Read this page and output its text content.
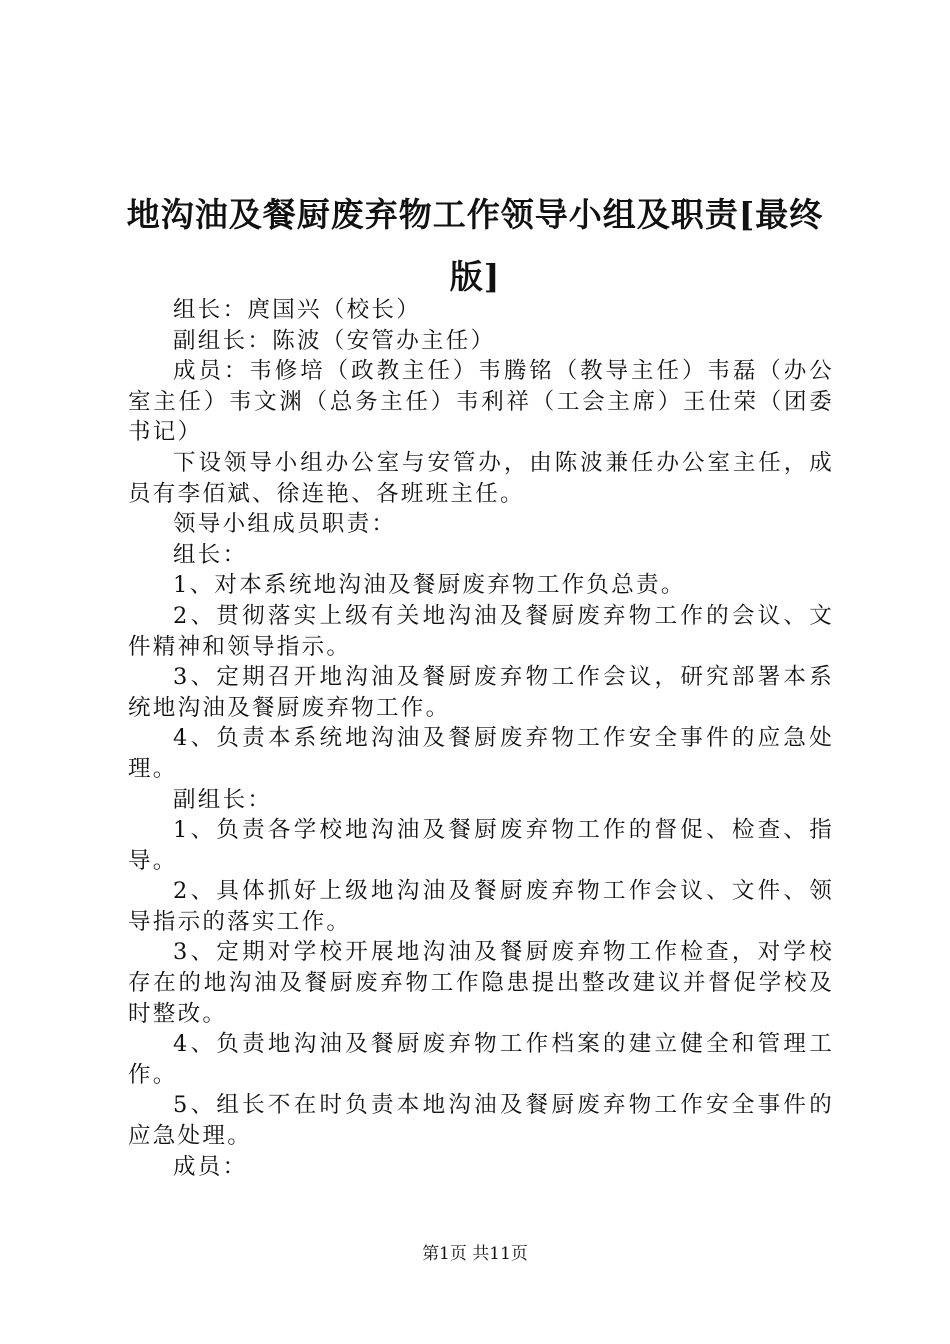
地沟油及餐厨废弃物工作领导小组及职责[最终版]

组长：庹国兴（校长）

副组长：陈波（安管办主任）

成员：韦修培（政教主任）韦腾铭（教导主任）韦磊（办公室主任）韦文渊（总务主任）韦利祥（工会主席）王仕荣（团委书记）

下设领导小组办公室与安管办，由陈波兼任办公室主任，成员有李佰斌、徐连艳、各班班主任。

领导小组成员职责：

组长：

1、对本系统地沟油及餐厨废弃物工作负总责。

2、贯彻落实上级有关地沟油及餐厨废弃物工作的会议、文件精神和领导指示。

3、定期召开地沟油及餐厨废弃物工作会议，研究部署本系统地沟油及餐厨废弃物工作。

4、负责本系统地沟油及餐厨废弃物工作安全事件的应急处理。

副组长：

1、负责各学校地沟油及餐厨废弃物工作的督促、检查、指导。

2、具体抓好上级地沟油及餐厨废弃物工作会议、文件、领导指示的落实工作。

3、定期对学校开展地沟油及餐厨废弃物工作检查，对学校存在的地沟油及餐厨废弃物工作隐患提出整改建议并督促学校及时整改。

4、负责地沟油及餐厨废弃物工作档案的建立健全和管理工作。

5、组长不在时负责本地沟油及餐厨废弃物工作安全事件的应急处理。

成员：

第1页 共11页
